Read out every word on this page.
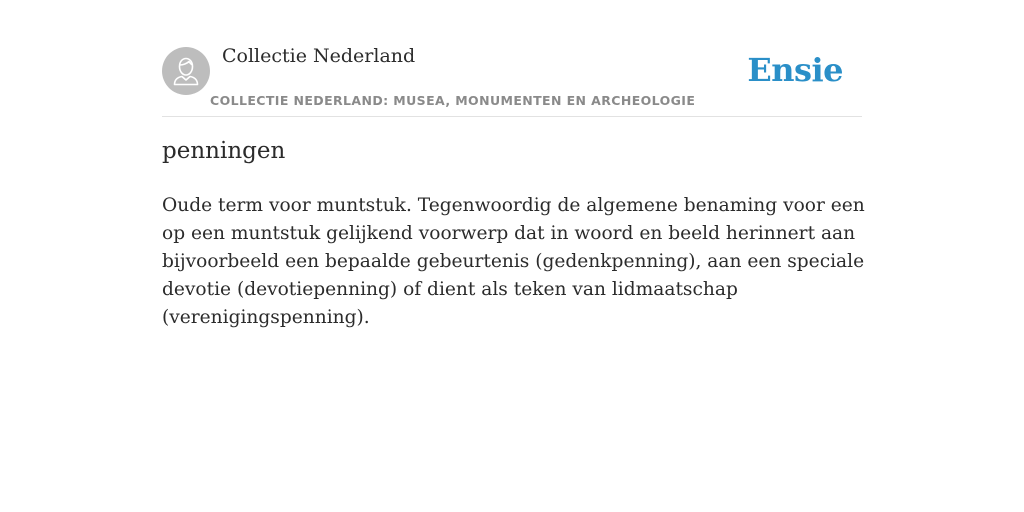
Collectie Nederland
COLLECTIE NEDERLAND: MUSEA, MONUMENTEN EN ARCHEOLOGIE
Ensie
penningen

Oude term voor muntstuk. Tegenwoordig de algemene benaming voor een op een muntstuk gelijkend voorwerp dat in woord en beeld herinnert aan bijvoorbeeld een bepaalde gebeurtenis (gedenkpenning), aan een speciale devotie (devotiepenning) of dient als teken van lidmaatschap (verenigingspenning).
